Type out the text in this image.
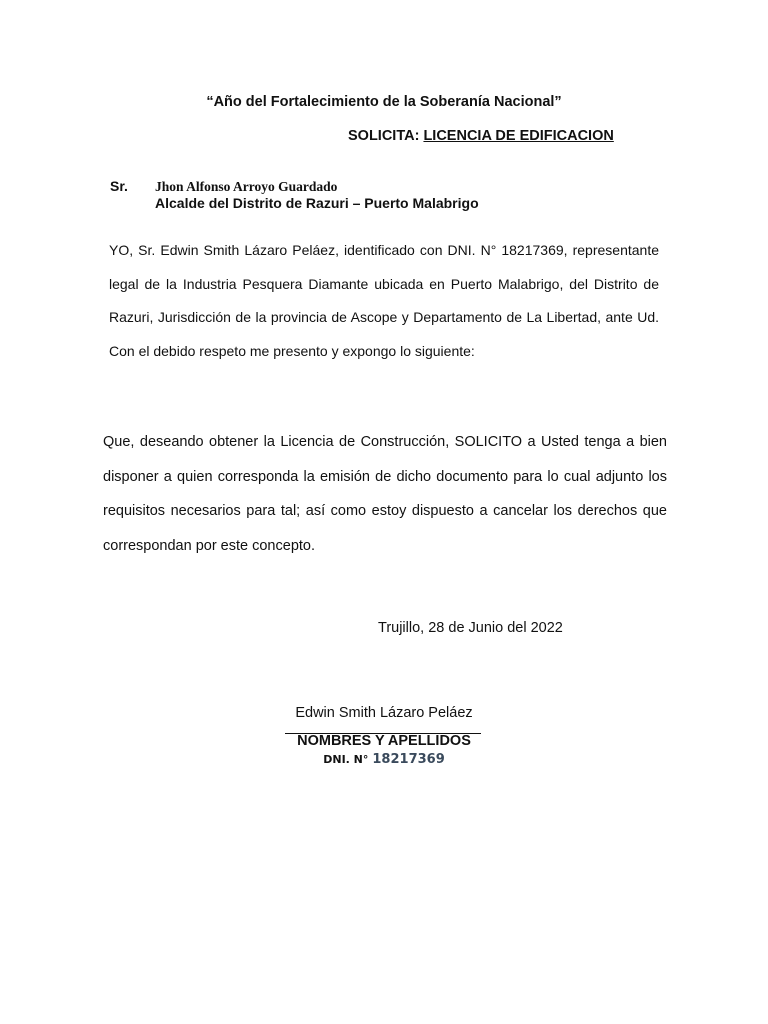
“Año del Fortalecimiento de la Soberanía Nacional”
SOLICITA: LICENCIA DE EDIFICACION
Sr. Jhon Alfonso Arroyo Guardado
Alcalde del Distrito de Razuri – Puerto Malabrigo
YO, Sr. Edwin Smith Lázaro Peláez, identificado con DNI. N° 18217369, representante legal de la Industria Pesquera Diamante ubicada en Puerto Malabrigo, del Distrito de Razuri, Jurisdicción de la provincia de Ascope y Departamento de La Libertad, ante Ud. Con el debido respeto me presento y expongo lo siguiente:
Que, deseando obtener la Licencia de Construcción, SOLICITO a Usted tenga a bien disponer a quien corresponda la emisión de dicho documento para lo cual adjunto los requisitos necesarios para tal; así como estoy dispuesto a cancelar los derechos que correspondan por este concepto.
Trujillo, 28 de Junio del 2022
Edwin Smith Lázaro Peláez
NOMBRES Y APELLIDOS
DNI. N° 18217369
